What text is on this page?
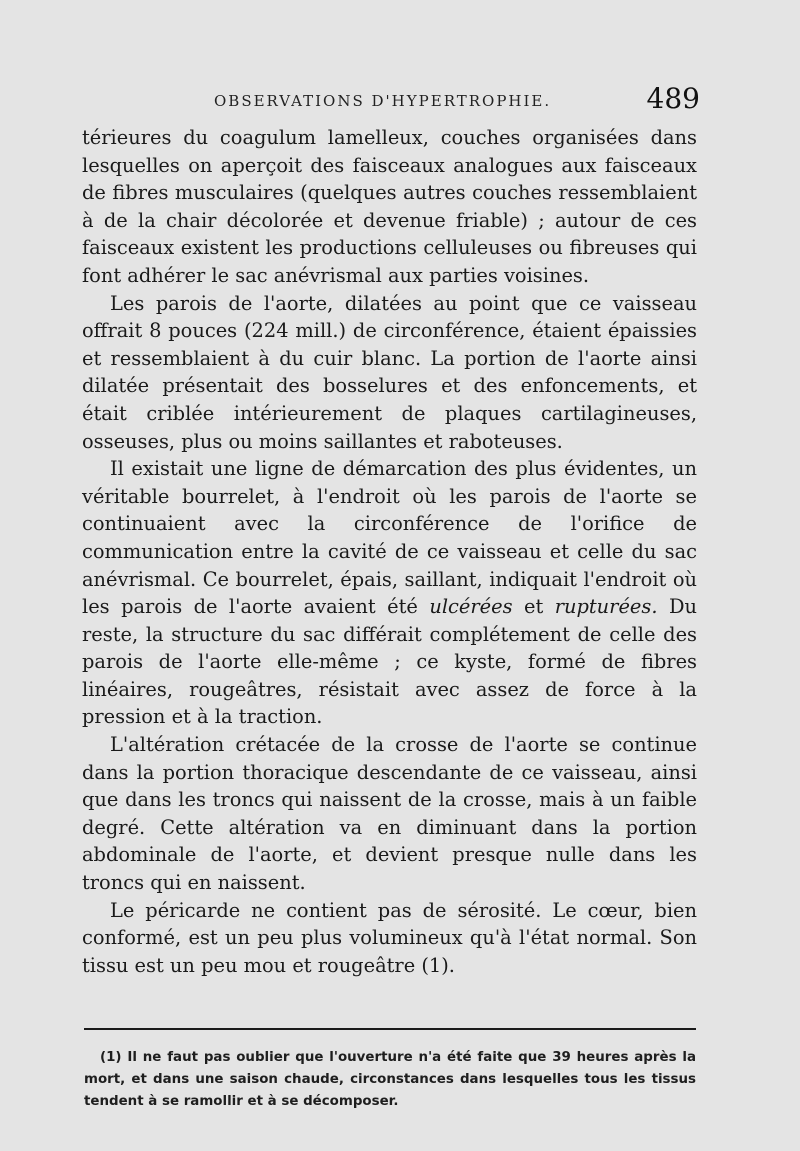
OBSERVATIONS D'HYPERTROPHIE.	489

térieures du coagulum lamelleux, couches organisées dans lesquelles on aperçoit des faisceaux analogues aux faisceaux de fibres musculaires (quelques autres couches ressemblaient à de la chair décolorée et devenue friable) ; autour de ces faisceaux existent les productions celluleuses ou fibreuses qui font adhérer le sac anévrismal aux parties voisines.

Les parois de l'aorte, dilatées au point que ce vaisseau offrait 8 pouces (224 mill.) de circonférence, étaient épaissies et ressemblaient à du cuir blanc. La portion de l'aorte ainsi dilatée présentait des bosselures et des enfoncements, et était criblée intérieurement de plaques cartilagineuses, osseuses, plus ou moins saillantes et raboteuses.

Il existait une ligne de démarcation des plus évidentes, un véritable bourrelet, à l'endroit où les parois de l'aorte se continuaient avec la circonférence de l'orifice de communication entre la cavité de ce vaisseau et celle du sac anévrismal. Ce bourrelet, épais, saillant, indiquait l'endroit où les parois de l'aorte avaient été ulcérées et rupturées. Du reste, la structure du sac différait complétement de celle des parois de l'aorte elle-même ; ce kyste, formé de fibres linéaires, rougeâtres, résistait avec assez de force à la pression et à la traction.

L'altération crétacée de la crosse de l'aorte se continue dans la portion thoracique descendante de ce vaisseau, ainsi que dans les troncs qui naissent de la crosse, mais à un faible degré. Cette altération va en diminuant dans la portion abdominale de l'aorte, et devient presque nulle dans les troncs qui en naissent.

Le péricarde ne contient pas de sérosité. Le cœur, bien conformé, est un peu plus volumineux qu'à l'état normal. Son tissu est un peu mou et rougeâtre (1).

(1) Il ne faut pas oublier que l'ouverture n'a été faite que 39 heures après la mort, et dans une saison chaude, circonstances dans lesquelles tous les tissus tendent à se ramollir et à se décomposer.
